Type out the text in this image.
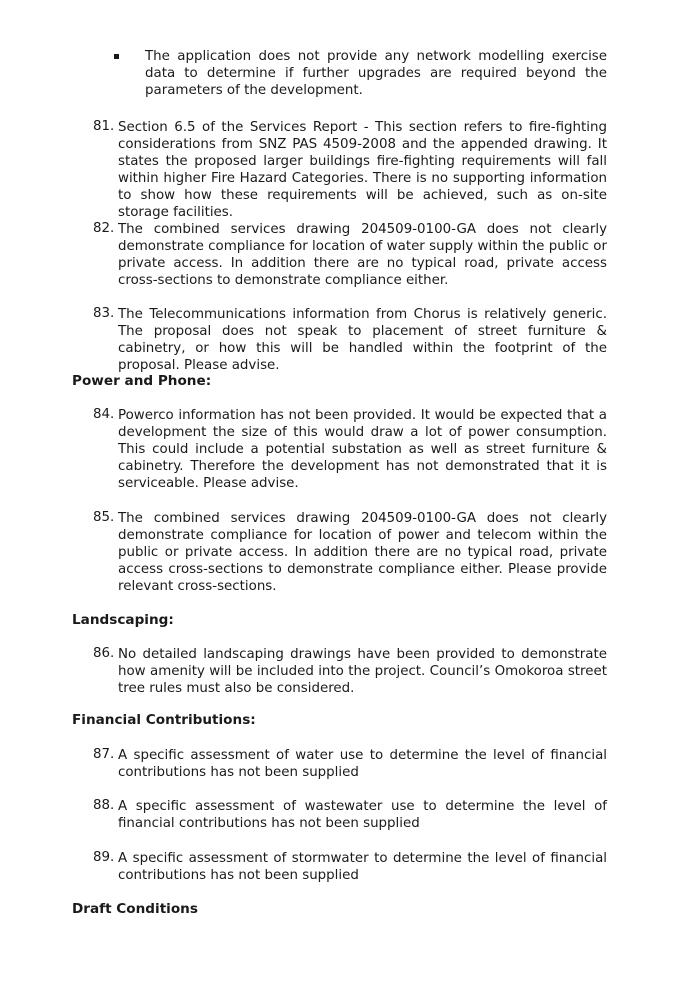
The application does not provide any network modelling exercise data to determine if further upgrades are required beyond the parameters of the development.
81. Section 6.5 of the Services Report - This section refers to fire-fighting considerations from SNZ PAS 4509-2008 and the appended drawing. It states the proposed larger buildings fire-fighting requirements will fall within higher Fire Hazard Categories. There is no supporting information to show how these requirements will be achieved, such as on-site storage facilities.
82. The combined services drawing 204509-0100-GA does not clearly demonstrate compliance for location of water supply within the public or private access. In addition there are no typical road, private access cross-sections to demonstrate compliance either.
83. The Telecommunications information from Chorus is relatively generic. The proposal does not speak to placement of street furniture & cabinetry, or how this will be handled within the footprint of the proposal. Please advise.
Power and Phone:
84. Powerco information has not been provided. It would be expected that a development the size of this would draw a lot of power consumption. This could include a potential substation as well as street furniture & cabinetry. Therefore the development has not demonstrated that it is serviceable. Please advise.
85. The combined services drawing 204509-0100-GA does not clearly demonstrate compliance for location of power and telecom within the public or private access. In addition there are no typical road, private access cross-sections to demonstrate compliance either. Please provide relevant cross-sections.
Landscaping:
86. No detailed landscaping drawings have been provided to demonstrate how amenity will be included into the project. Council’s Omokoroa street tree rules must also be considered.
Financial Contributions:
87. A specific assessment of water use to determine the level of financial contributions has not been supplied
88. A specific assessment of wastewater use to determine the level of financial contributions has not been supplied
89. A specific assessment of stormwater to determine the level of financial contributions has not been supplied
Draft Conditions
